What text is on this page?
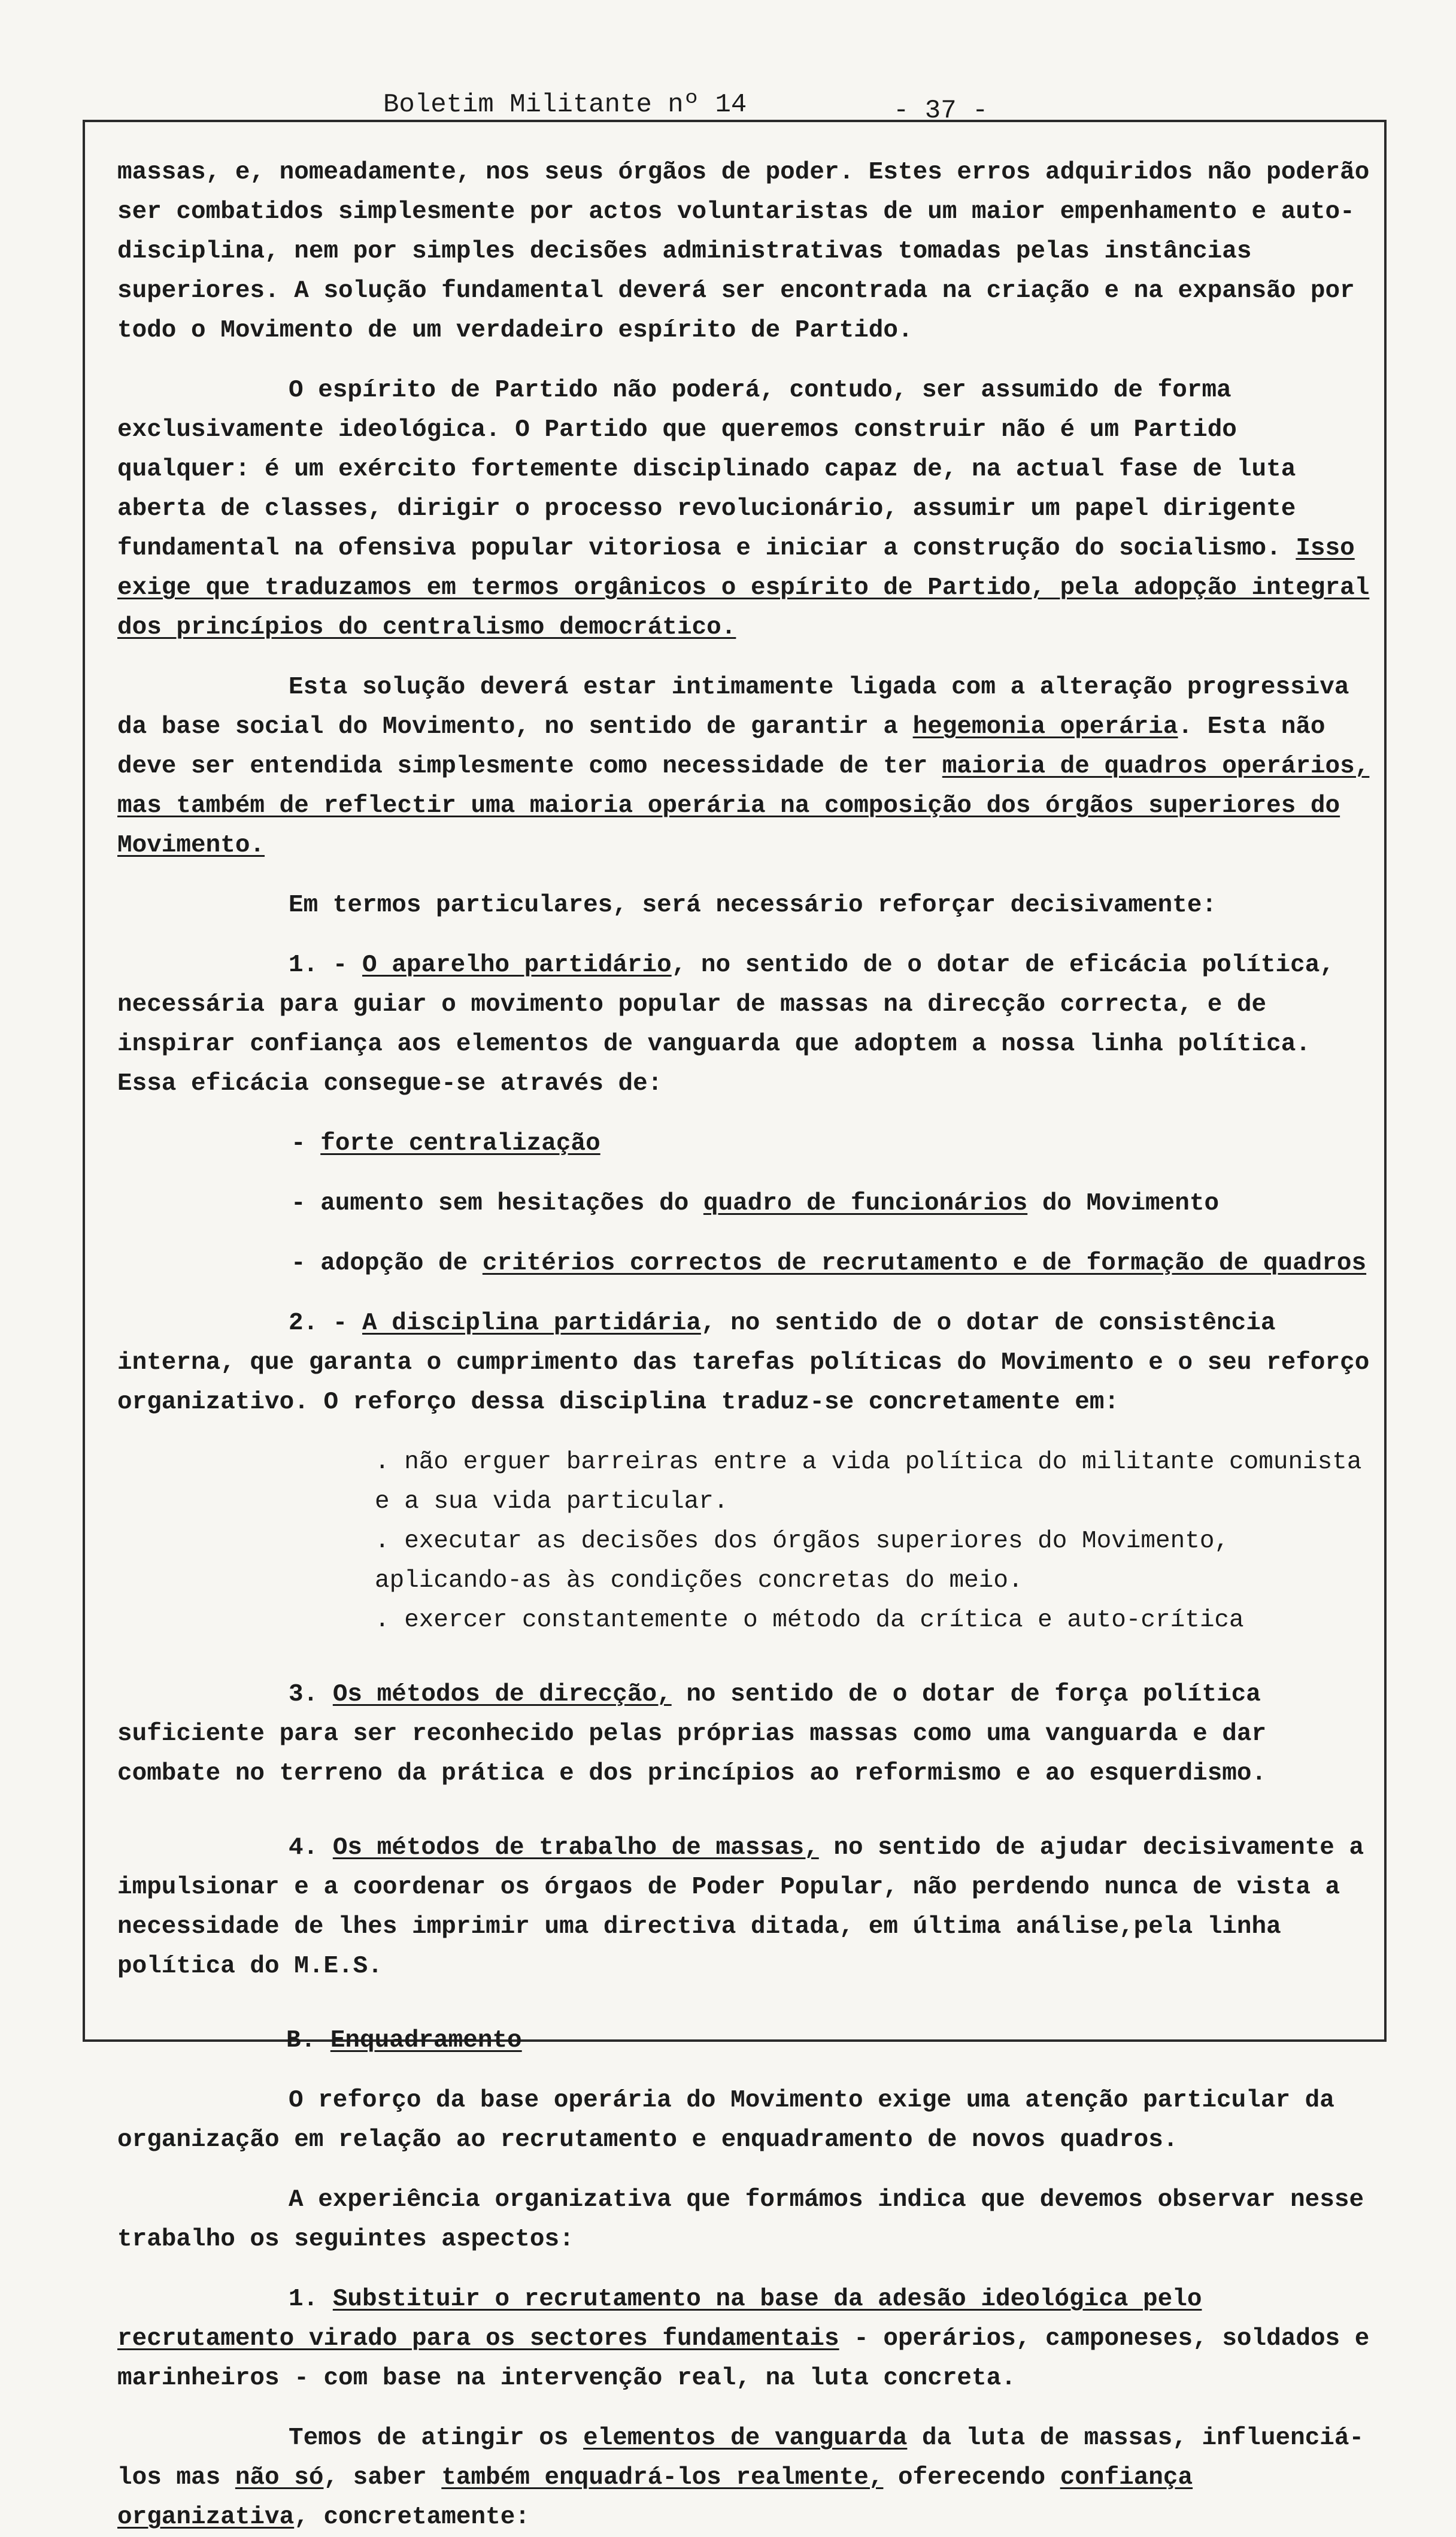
Boletim Militante nº 14	- 37 -

massas, e, nomeadamente, nos seus órgãos de poder. Estes erros adquiridos não poderão ser combatidos simplesmente por actos voluntaristas de um maior empenhamento e auto-disciplina, nem por simples decisões administrativas tomadas pelas instâncias superiores. A solução fundamental deverá ser encontrada na criação e na expansão por todo o Movimento de um verdadeiro espírito de Partido.

O espírito de Partido não poderá, contudo, ser assumido de forma exclusivamente ideológica. O Partido que queremos construir não é um Partido qualquer: é um exército fortemente disciplinado capaz de, na actual fase de luta aberta de classes, dirigir o processo revolucionário, assumir um papel dirigente fundamental na ofensiva popular vitoriosa e iniciar a construção do socialismo. Isso exige que traduzamos em termos orgânicos o espírito de Partido, pela adopção integral dos princípios do centralismo democrático.

Esta solução deverá estar intimamente ligada com a alteração progressiva da base social do Movimento, no sentido de garantir a hegemonia operária. Esta não deve ser entendida simplesmente como necessidade de ter maioria de quadros operários, mas também de reflectir uma maioria operária na composição dos órgãos superiores do Movimento.

Em termos particulares, será necessário reforçar decisivamente:

1. - O aparelho partidário, no sentido de o dotar de eficácia política, necessária para guiar o movimento popular de massas na direcção correcta, e de inspirar confiança aos elementos de vanguarda que adoptem a nossa linha política. Essa eficácia consegue-se através de:

- forte centralização

- aumento sem hesitações do quadro de funcionários do Movimento

- adopção de critérios correctos de recrutamento e de formação de quadros

2. - A disciplina partidária, no sentido de o dotar de consistência interna, que garanta o cumprimento das tarefas políticas do Movimento e o seu reforço organizativo. O reforço dessa disciplina traduz-se concretamente em:

. não erguer barreiras entre a vida política do militante comunista e a sua vida particular.

. executar as decisões dos órgãos superiores do Movimento, aplicando-as às condições concretas do meio.

. exercer constantemente o método da crítica e auto-crítica

3. Os métodos de direcção, no sentido de o dotar de força política suficiente para ser reconhecido pelas próprias massas como uma vanguarda e dar combate no terreno da prática e dos princípios ao reformismo e ao esquerdismo.

4. Os métodos de trabalho de massas, no sentido de ajudar decisivamente a impulsionar e a coordenar os órgaos de Poder Popular, não perdendo nunca de vista a necessidade de lhes imprimir uma directiva ditada, em última análise,pela linha política do M.E.S.

B. Enquadramento

O reforço da base operária do Movimento exige uma atenção particular da organização em relação ao recrutamento e enquadramento de novos quadros.

A experiência organizativa que formámos indica que devemos observar nesse trabalho os seguintes aspectos:

1. Substituir o recrutamento na base da adesão ideológica pelo recrutamento virado para os sectores fundamentais - operários, camponeses, soldados e marinheiros - com base na intervenção real, na luta concreta.

Temos de atingir os elementos de vanguarda da luta de massas, influenciá-los mas não só, saber também enquadrá-los realmente, oferecendo confiança organizativa, concretamente:
